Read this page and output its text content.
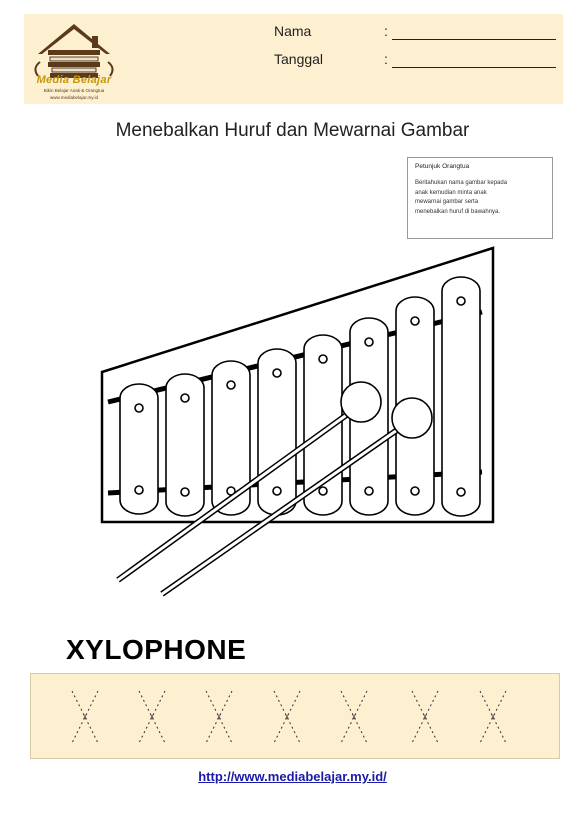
Media Belajar
Bikin Belajar Anak & Orangtua
www.mediabelajar.my.id
Nama	:
Tanggal	:
Menebalkan Huruf dan Mewarnai Gambar
Petunjuk Orangtua
Beritahukan nama gambar kepada
anak kemudian minta anak
mewarnai gambar serta
menebalkan huruf di bawahnya.
XYLOPHONE
x	x	x	x	x	x	x
http://www.mediabelajar.my.id/
